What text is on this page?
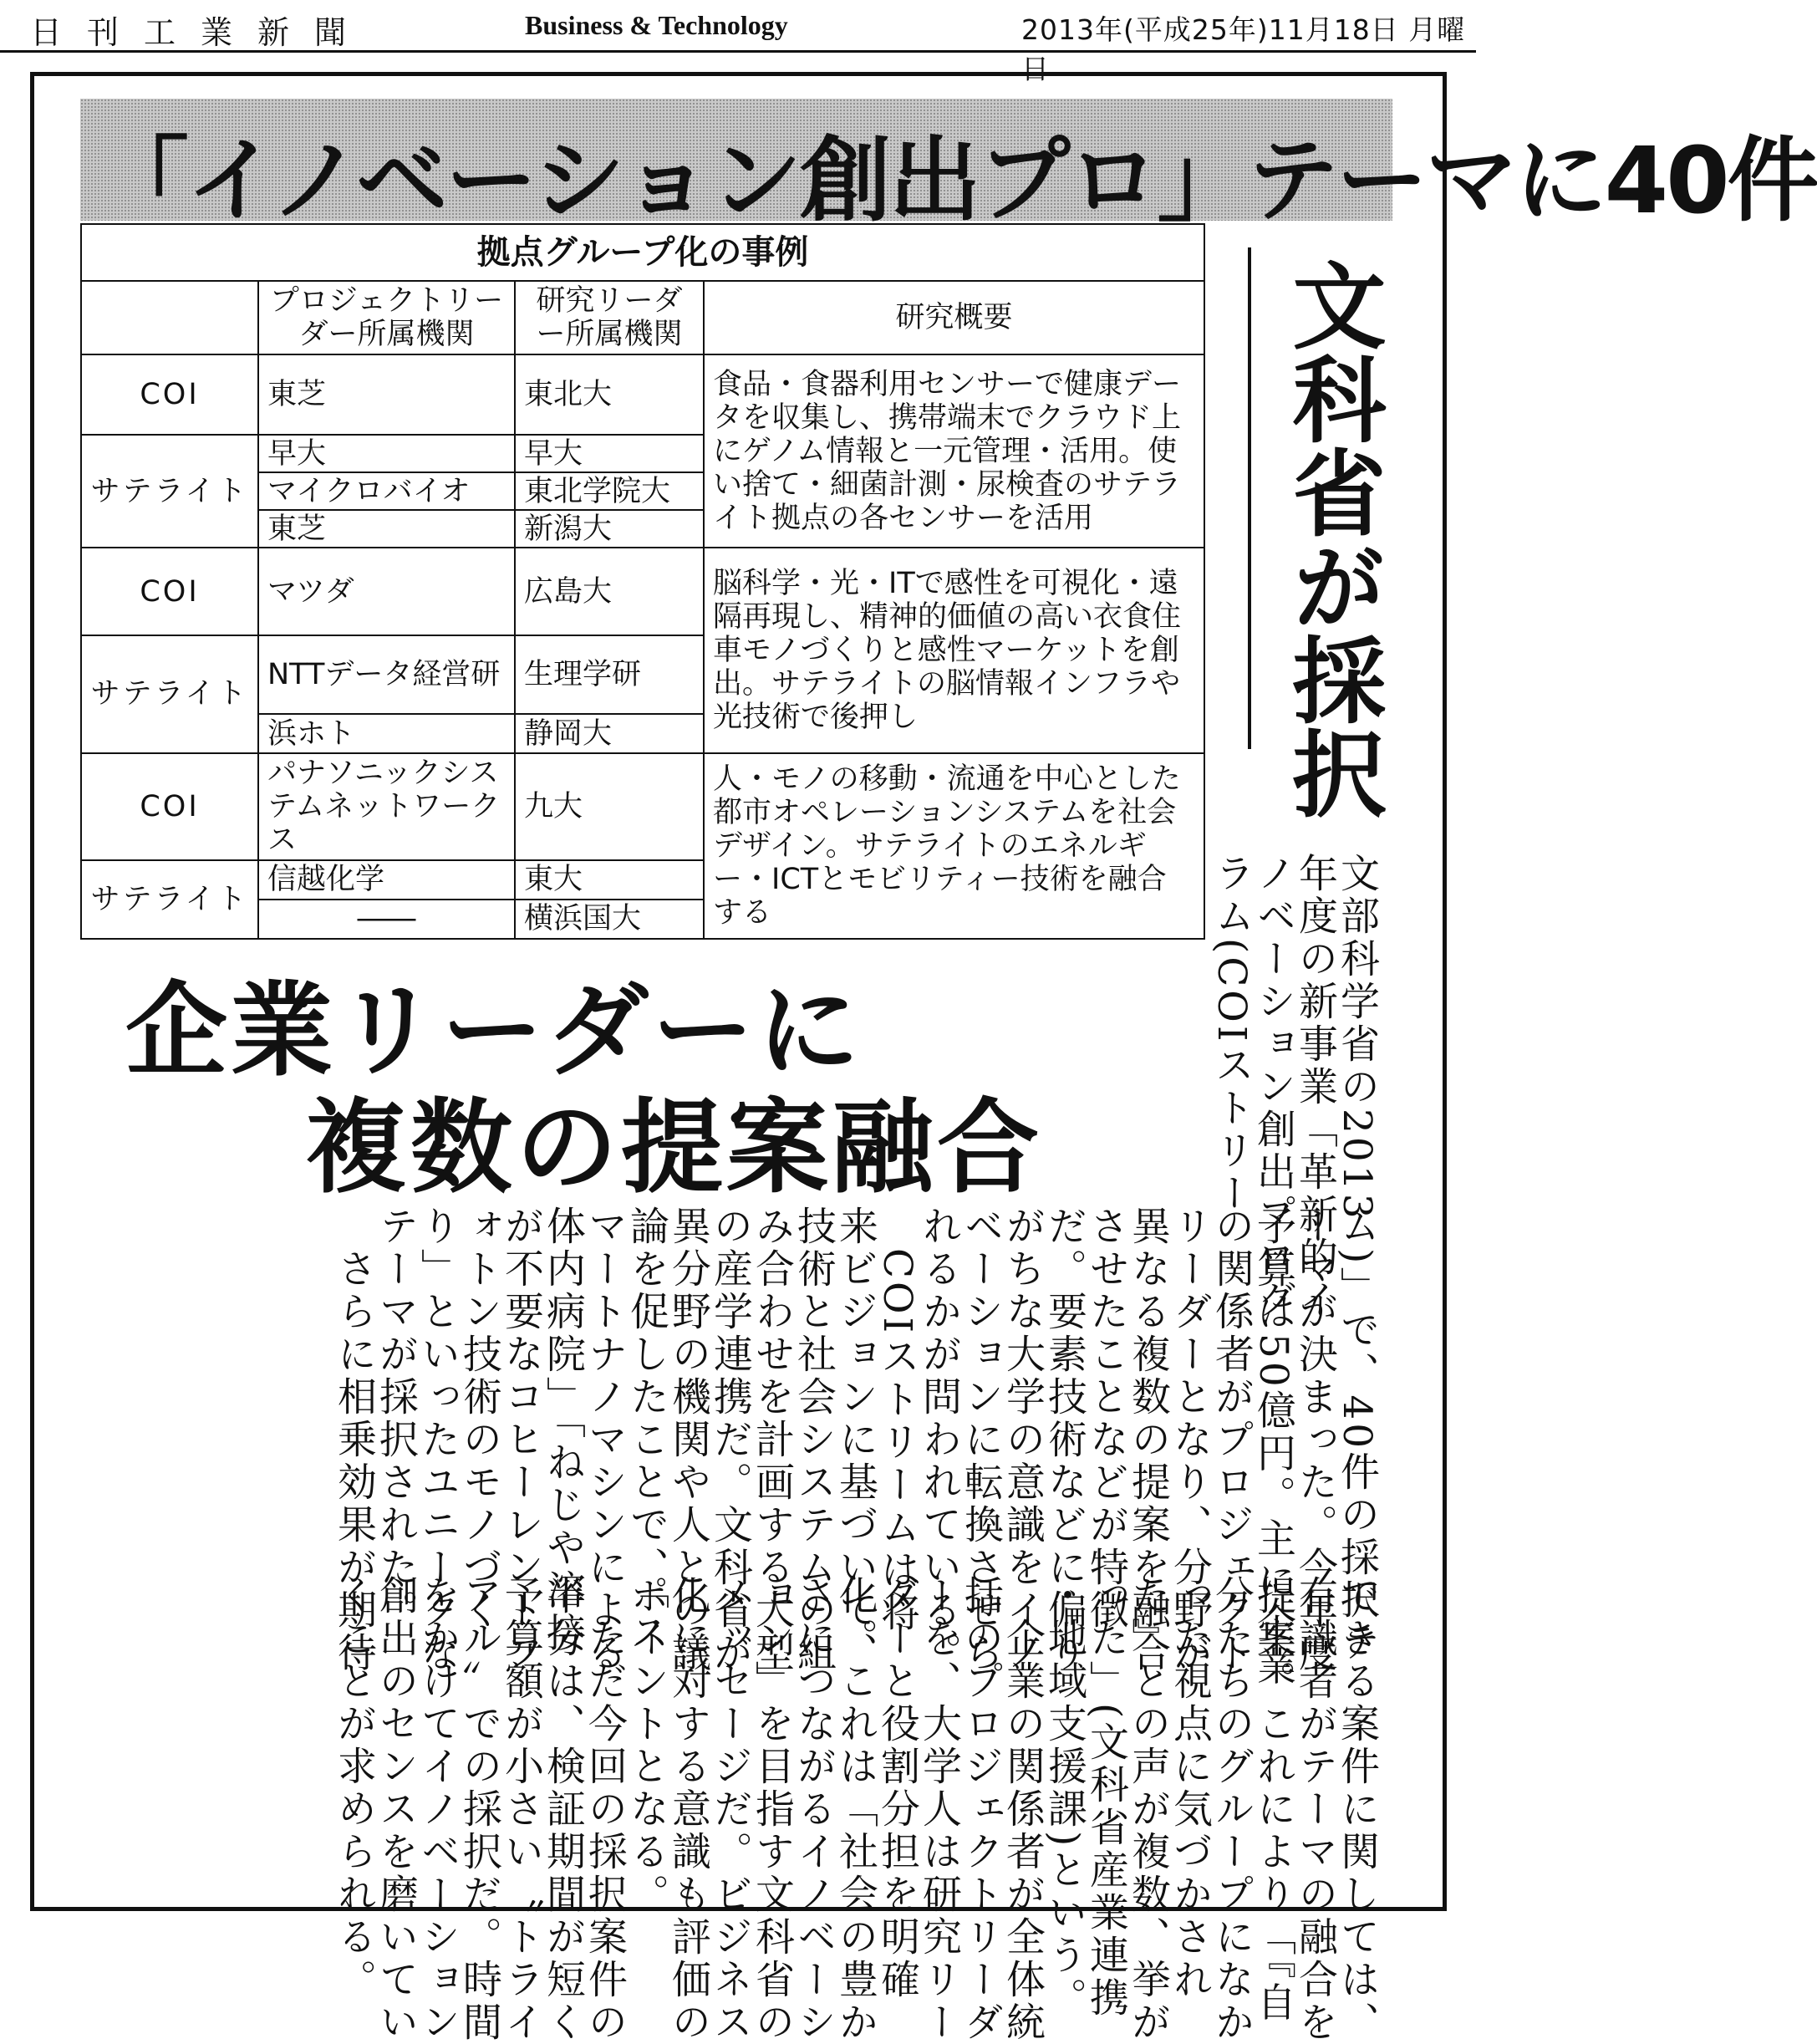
日刊工業新聞	Business & Technology	2013年(平成25年)11月18日 月曜日
「イノベーション創出プロ」テーマに40件
拠点グループ化の事例			
	プロジェクトリーダー所属機関	研究リーダー所属機関	研究概要
COI	東芝	東北大	食品・食器利用センサーで健康データを収集し、携帯端末でクラウド上にゲノム情報と一元管理・活用。使い捨て・細菌計測・尿検査のサテライト拠点の各センサーを活用
サテライト	早大	早大	
	マイクロバイオ	東北学院大	
	東芝	新潟大	
COI	マツダ	広島大	脳科学・光・ITで感性を可視化・遠隔再現し、精神的価値の高い衣食住車モノづくりと感性マーケットを創出。サテライトの脳情報インフラや光技術で後押し
サテライト	NTTデータ経営研	生理学研	
	浜ホト	静岡大	
COI	パナソニックシステムネットワークス	九大	人・モノの移動・流通を中心とした都市オペレーションシステムを社会デザイン。サテライトのエネルギー・ICTとモビリティー技術を融合する
サテライト	信越化学	東大	
	――	横浜国大	
文科省が採択
文部科学省の2013
年度の新事業「革新的イ
ノベーション創出プログ
ラム(COIストリー
企業リーダーに
複数の提案融合
ム)」で、40件の採択テ
ーマが決まった。今年度
予算は50億円。主に企業
の関係者がプロジェクト
リーダーとなり、分野が
異なる複数の提案を融合
させたことなどが特徴
だ。要素技術などに偏り
がちな大学の意識をイノ
ベーションに転換させら
れるかが問われている。
　COIストリームは将
来ビジョンに基づいて、
技術と社会システムの組
み合わせを計画する大型
の産学連携だ。文科省が
異分野の機関や人との議
論を促したことで、「ス
マートナノマシンによる
体内病院」「ねじや溶接
が不要なコヒーレントフ
ォトン技術のモノづく
り」といったユニークな
テーマが採択された。
　さらに相乗効果が期待
できる案件に関しては、
有識者がテーマの融合を
提案。これにより「『自
分たちのグループになか
った視点に気づかされ
た』との声が複数、挙が
った」(文科省産業連携
・地域支援課)という。
　企業の関係者が全体統
括のプロジェクトリーダ
ーを、大学人は研究リー
ダーと役割分担を明確
化。これは「社会の豊か
さにつながるイノベーシ
ョン」を目指す文科省の
メッセージだ。ビジネス
化に対する意識も評価の
ポイントとなる。
　ただ今回の採択案件の
半分は、検証期間が短く
予算額が小さい〝トライ
アル〟での採択だ。時間
をかけてイノベーション
創出のセンスを磨いてい
くことが求められる。
